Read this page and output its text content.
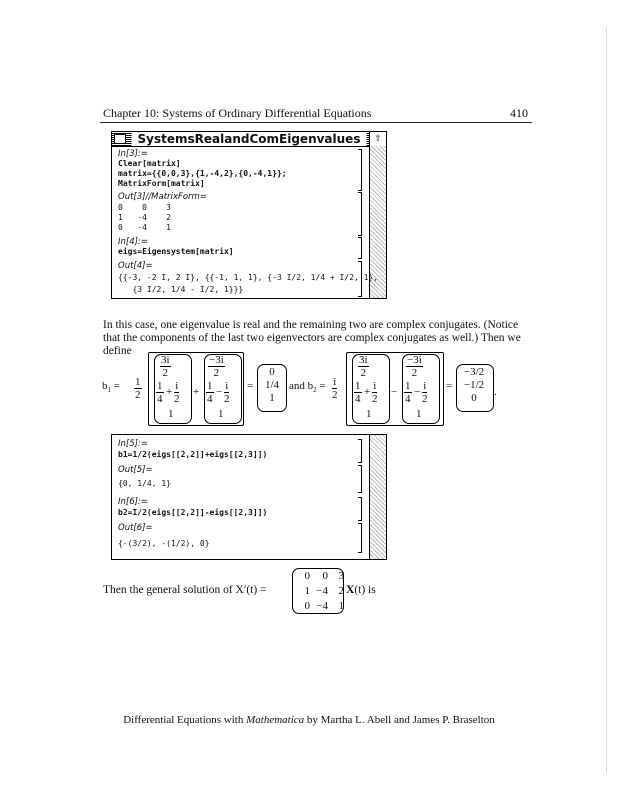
Chapter 10: Systems of Ordinary Differential Equations	410
SystemsRealandComEigenvalues	⇧
In[3]:=
Clear[matrix]
matrix={{0,0,3},{1,-4,2},{0,-4,1}};
MatrixForm[matrix]
Out[3]//MatrixForm=
0    0    3
1   -4    2
0   -4    1
In[4]:=
eigs=Eigensystem[matrix]
Out[4]=
{{-3, -2 I, 2 I}, {{-1, 1, 1}, {-3 I/2, 1/4 + I/2, 1},
{3 I/2, 1/4 - I/2, 1}}}
In this case, one eigenvalue is real and the remaining two are complex conjugates. (Notice that the components of the last two eigenvectors are complex conjugates as well.) Then we define
$b_1 = \frac{1}{2}$
$\frac{3i}{2}$
$\frac{1}{4} + \frac{i}{2}$
1
+
$\frac{-3i}{2}$
$\frac{1}{4} - \frac{i}{2}$
1
=
0
1/4
1
and $b_2 = \frac{i}{2}$
$\frac{3i}{2}$
$\frac{1}{4} + \frac{i}{2}$
1
−
$\frac{-3i}{2}$
$\frac{1}{4} - \frac{i}{2}$
1
=
−3/2
−1/2
0	.
In[5]:=
b1=1/2(eigs[[2,2]]+eigs[[2,3]])
Out[5]=
{0, 1/4, 1}
In[6]:=
b2=I/2(eigs[[2,2]]-eigs[[2,3]])
Out[6]=
{-(3/2), -(1/2), 0}
Then the general solution of X′(t) =
0	0	3
1	−4	2
0	−4	1
X(t) is
Differential Equations with Mathematica by Martha L. Abell and James P. Braselton
